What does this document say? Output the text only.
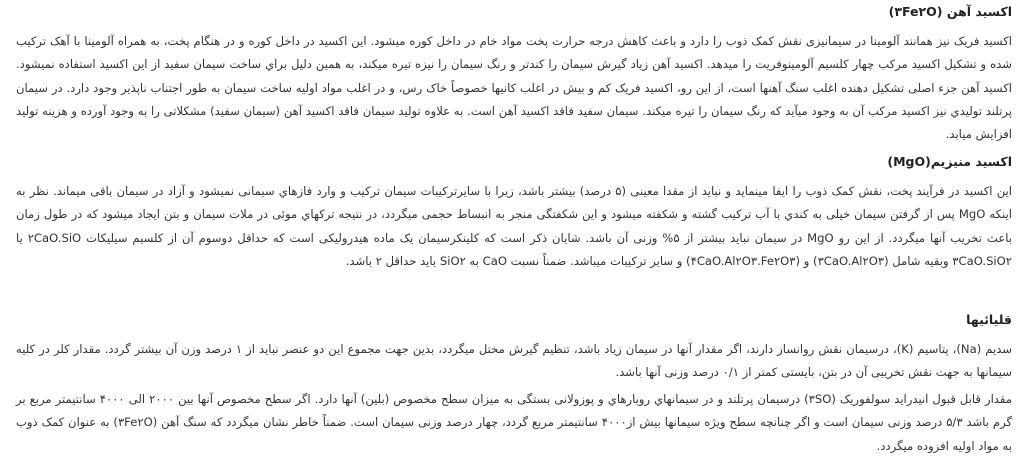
اکسید آهن (۳Fe۲O)

اکسید فریک نیز همانند آلومینا در سیمانیزی نقش کمک ذوب را دارد و باعث کاهش درجه حرارت پخت مواد خام در داخل کوره میشود. این اکسید در داخل کوره و در هنگام پخت، به همراه آلومینا با آهک ترکیب شده و تشکیل اکسید مرکب چهار کلسیم آلومینوفریت را میدهد. اکسید آهن زیاد گیرش سیمان را کندتر و رنگ سیمان را نیزه تیره میکند، به همین دلیل براي ساخت سیمان سفید از این اکسید استفاده نمیشود. اکسید آهن جزء اصلی تشکیل دهنده اغلب سنگ آهنها است، از این رو، اکسید فریک کم و بیش در اغلب کانیها خصوصاً خاک رس، و در اغلب مواد اولیه ساخت سیمان به طور اجتناب ناپذیر وجود دارد. در سیمان پرتلند تولیدي نیز اکسید مرکب آن به وجود میآید که رنگ سیمان را تیره میکند. سیمان سفید فاقد اکسید آهن است. به علاوه تولید سیمان فاقد اکسید آهن (سیمان سفید) مشکلاتی را به وجود آورده و هزینه تولید افزایش میابد.

اکسید منیزیم(MgO)

این اکسید در فرآیند پخت، نقش کمک ذوب را ایفا مینماید و نباید از مقدا معینی (۵ درصد) بیشتر باشد، زیرا با سایرترکیبات سیمان ترکیب و وارد فازهاي سیمانی نمیشود و آزاد در سیمان باقی میماند. نظر به اینکه MgO پس از گرفتن سیمان خیلی به کندي با آب ترکیب گشته و شکفته میشود و این شکفتگی منجر به انبساط حجمی میگردد، در نتیجه ترکهاي موئی در ملات سیمان و بتن ایجاد میشود که در طول زمان باعث تخریب آنها میگردد. از این رو MgO در سیمان نباید بیشتر از ۵% وزنی آن باشد. شایان ذکر است که کلینکرسیمان یک ماده هیدرولیکی است که حداقل دوسوم آن از کلسیم سیلیکات ۲CaO.SiO یا ۳CaO.SiO۲ وبقیه شامل (۳CaO.Al۲O۳) و (۴CaO.Al۲O۳.Fe۲O۳) و سایر ترکیبات میباشد. ضمناً نسبت CaO به SiO۲ باید حداقل ۲ باشد.

قلیائیها

سدیم (Na)، پتاسیم (K)، درسیمان نقش روانساز دارند، اگر مقدار آنها در سیمان زیاد باشد، تنظیم گیرش مختل میگردد، بدین جهت مجموع این دو عنصر نباید از ۱ درصد وزن آن بیشتر گردد. مقدار کلر در کلیه سیمانها به جهت نقش تخریبی آن در بتن، بایستی کمتر از ۰/۱ درصد وزنی آنها باشد.

مقدار قابل قبول انیدراید سولفوریک (۳SO) درسیمان پرتلند و در سیمانهاي روبارهاي و پوزولانی بستگی به میزان سطح مخصوص (بلین) آنها دارد. اگر سطح مخصوص آنها بین ۲۰۰۰ الی ۴۰۰۰ سانتیمتر مربع بر گرم باشد ۵/۳ درصد وزنی سیمان است و اگر چنانچه سطح ویژه سیمانها بیش از۴۰۰۰ سانتیمتر مربع گردد، چهار درصد وزنی سیمان است. ضمناً خاطر نشان میگردد که سنگ آهن (۳Fe۲O) به عنوان کمک ذوب به مواد اولیه افزوده میگردد.
